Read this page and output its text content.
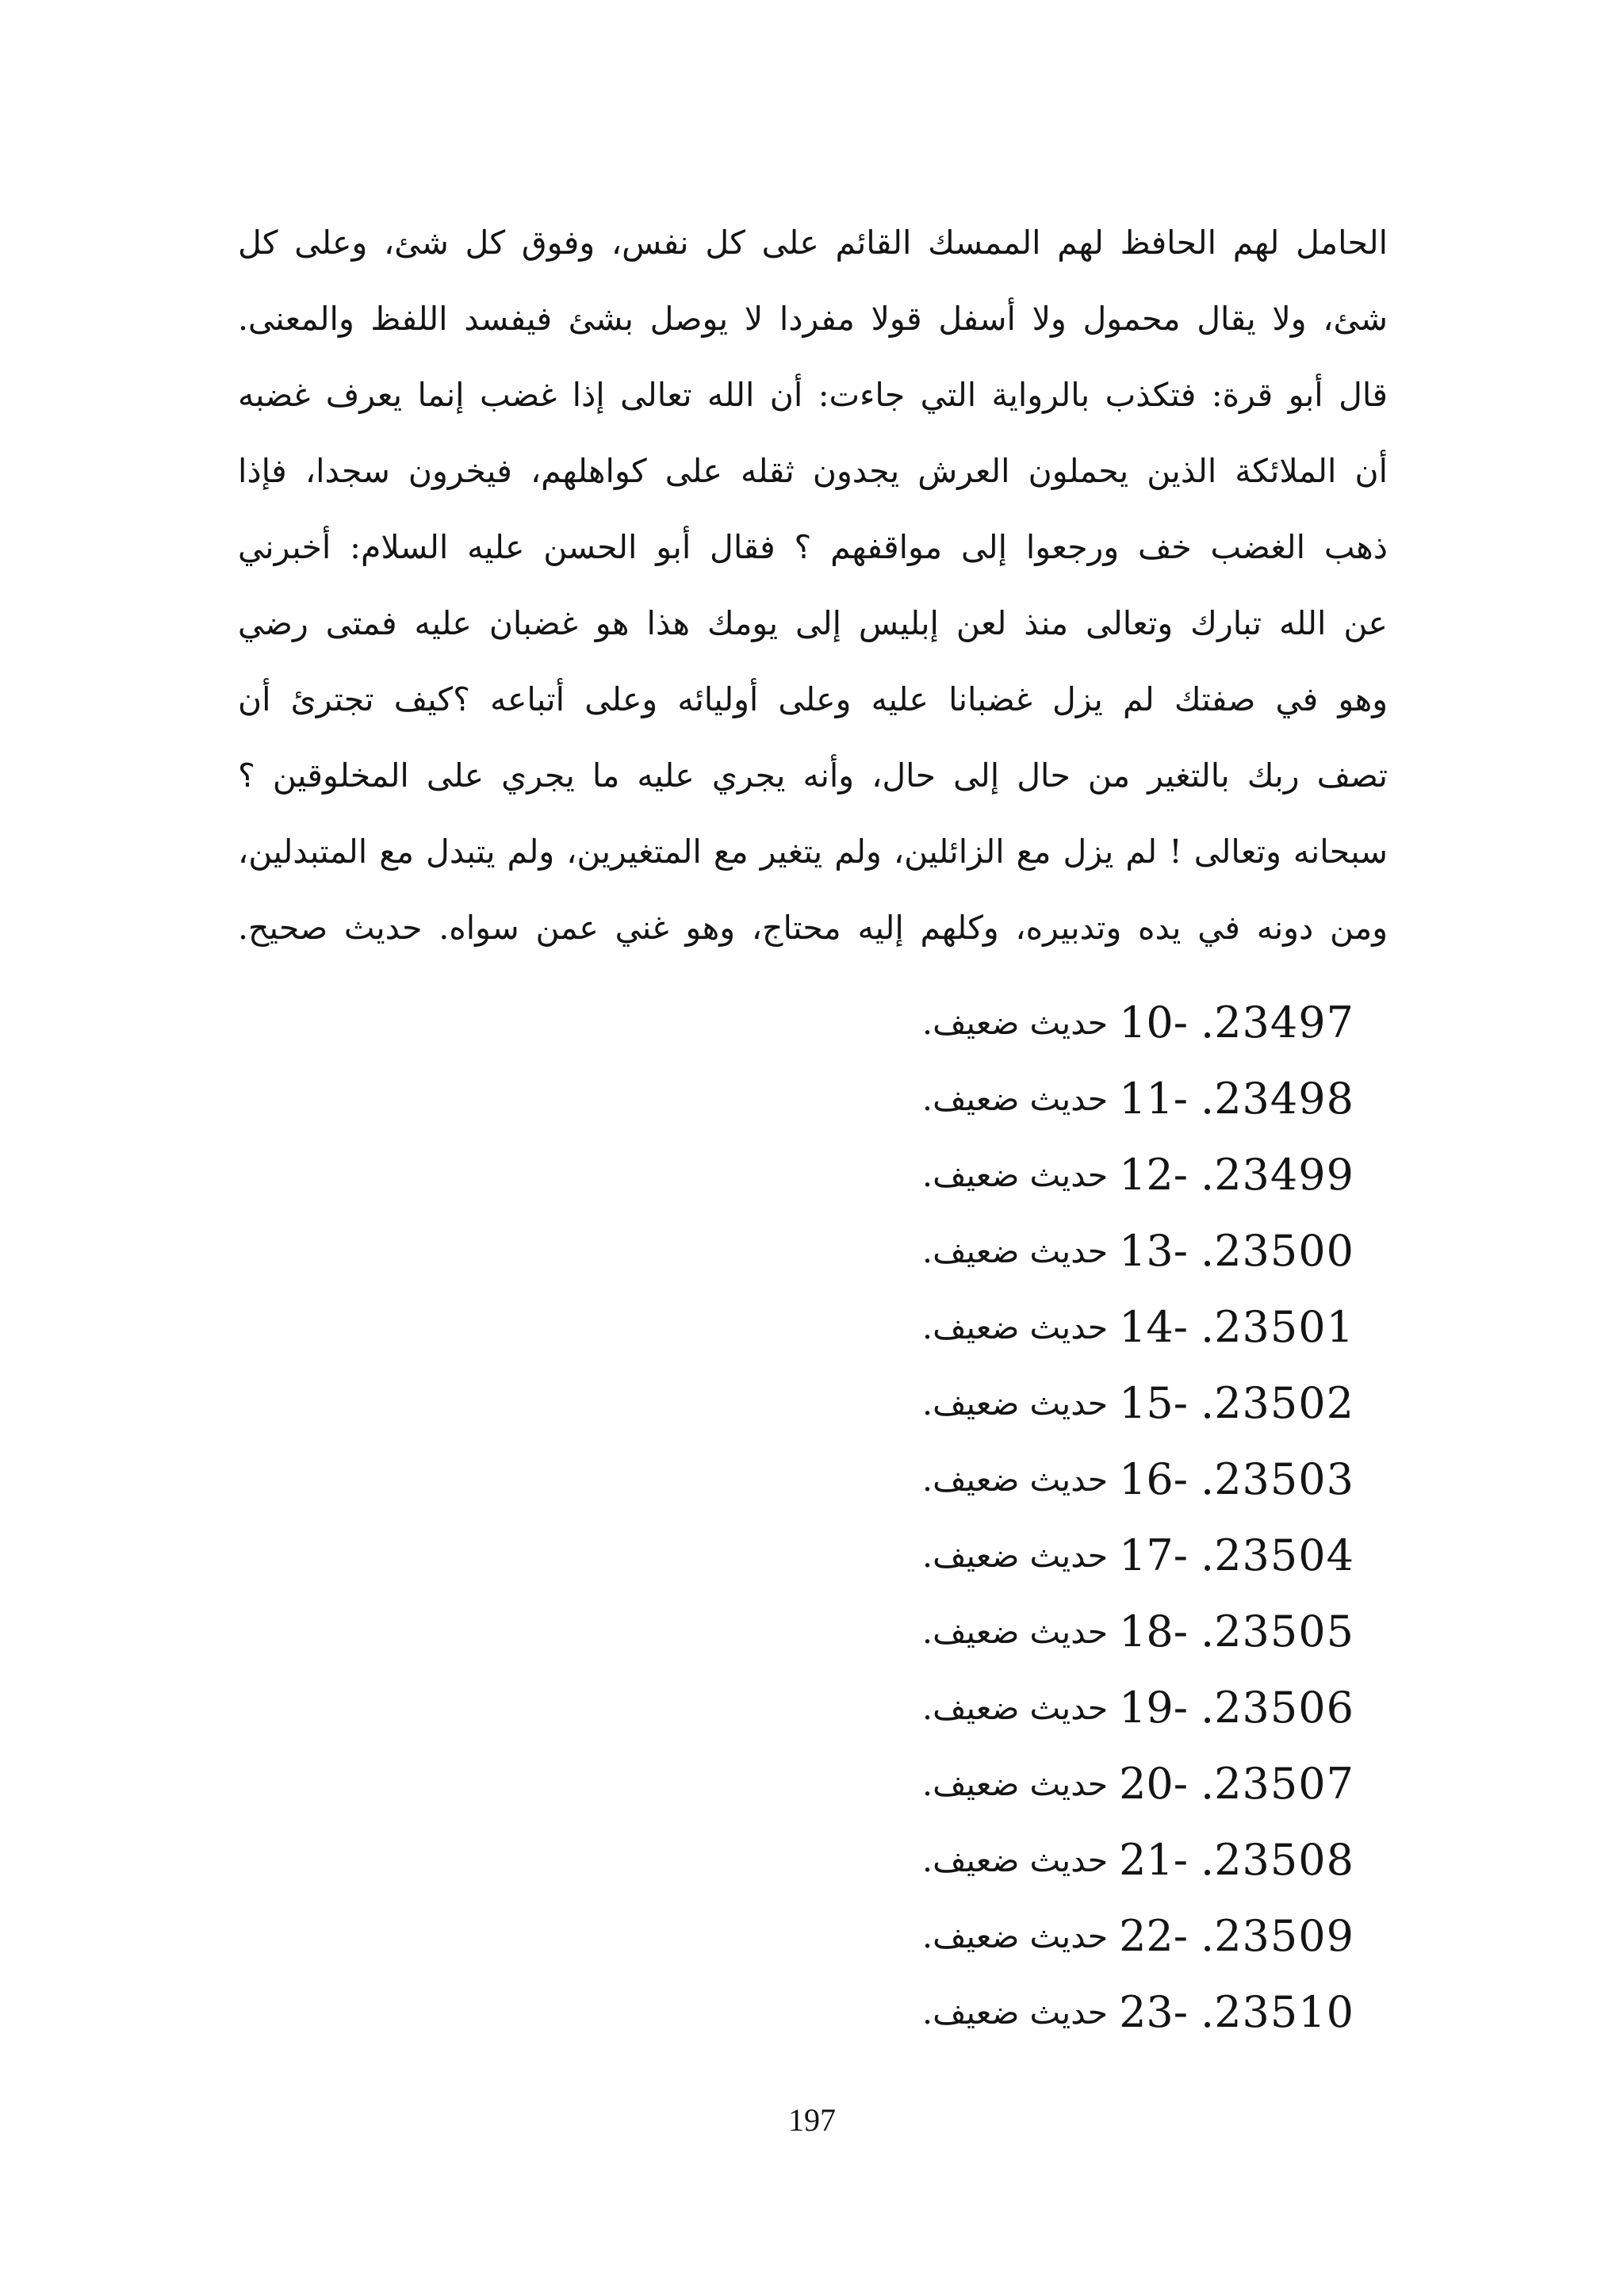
الحامل لهم الحافظ لهم الممسك القائم على كل نفس، وفوق كل شئ، وعلى كل
شئ، ولا يقال محمول ولا أسفل قولا مفردا لا يوصل بشئ فيفسد اللفظ والمعنى.
قال أبو قرة: فتكذب بالرواية التي جاءت: أن الله تعالى إذا غضب إنما يعرف غضبه
أن الملائكة الذين يحملون العرش يجدون ثقله على كواهلهم، فيخرون سجدا، فإذا
ذهب الغضب خف ورجعوا إلى مواقفهم ؟ فقال أبو الحسن عليه السلام: أخبرني
عن الله تبارك وتعالى منذ لعن إبليس إلى يومك هذا هو غضبان عليه فمتى رضي
وهو في صفتك لم يزل غضبانا عليه وعلى أوليائه وعلى أتباعه ؟كيف تجترئ أن
تصف ربك بالتغير من حال إلى حال، وأنه يجري عليه ما يجري على المخلوقين ؟
سبحانه وتعالى ! لم يزل مع الزائلين، ولم يتغير مع المتغيرين، ولم يتبدل مع المتبدلين،
ومن دونه في يده وتدبيره، وكلهم إليه محتاج، وهو غني عمن سواه. حديث صحيح.
حديث ضعيف. 10- . 23497
حديث ضعيف. 11- . 23498
حديث ضعيف. 12- . 23499
حديث ضعيف. 13- . 23500
حديث ضعيف. 14- . 23501
حديث ضعيف. 15- . 23502
حديث ضعيف. 16- . 23503
حديث ضعيف. 17- . 23504
حديث ضعيف. 18- . 23505
حديث ضعيف. 19- . 23506
حديث ضعيف. 20- . 23507
حديث ضعيف. 21- . 23508
حديث ضعيف. 22- . 23509
حديث ضعيف. 23- . 23510
197
